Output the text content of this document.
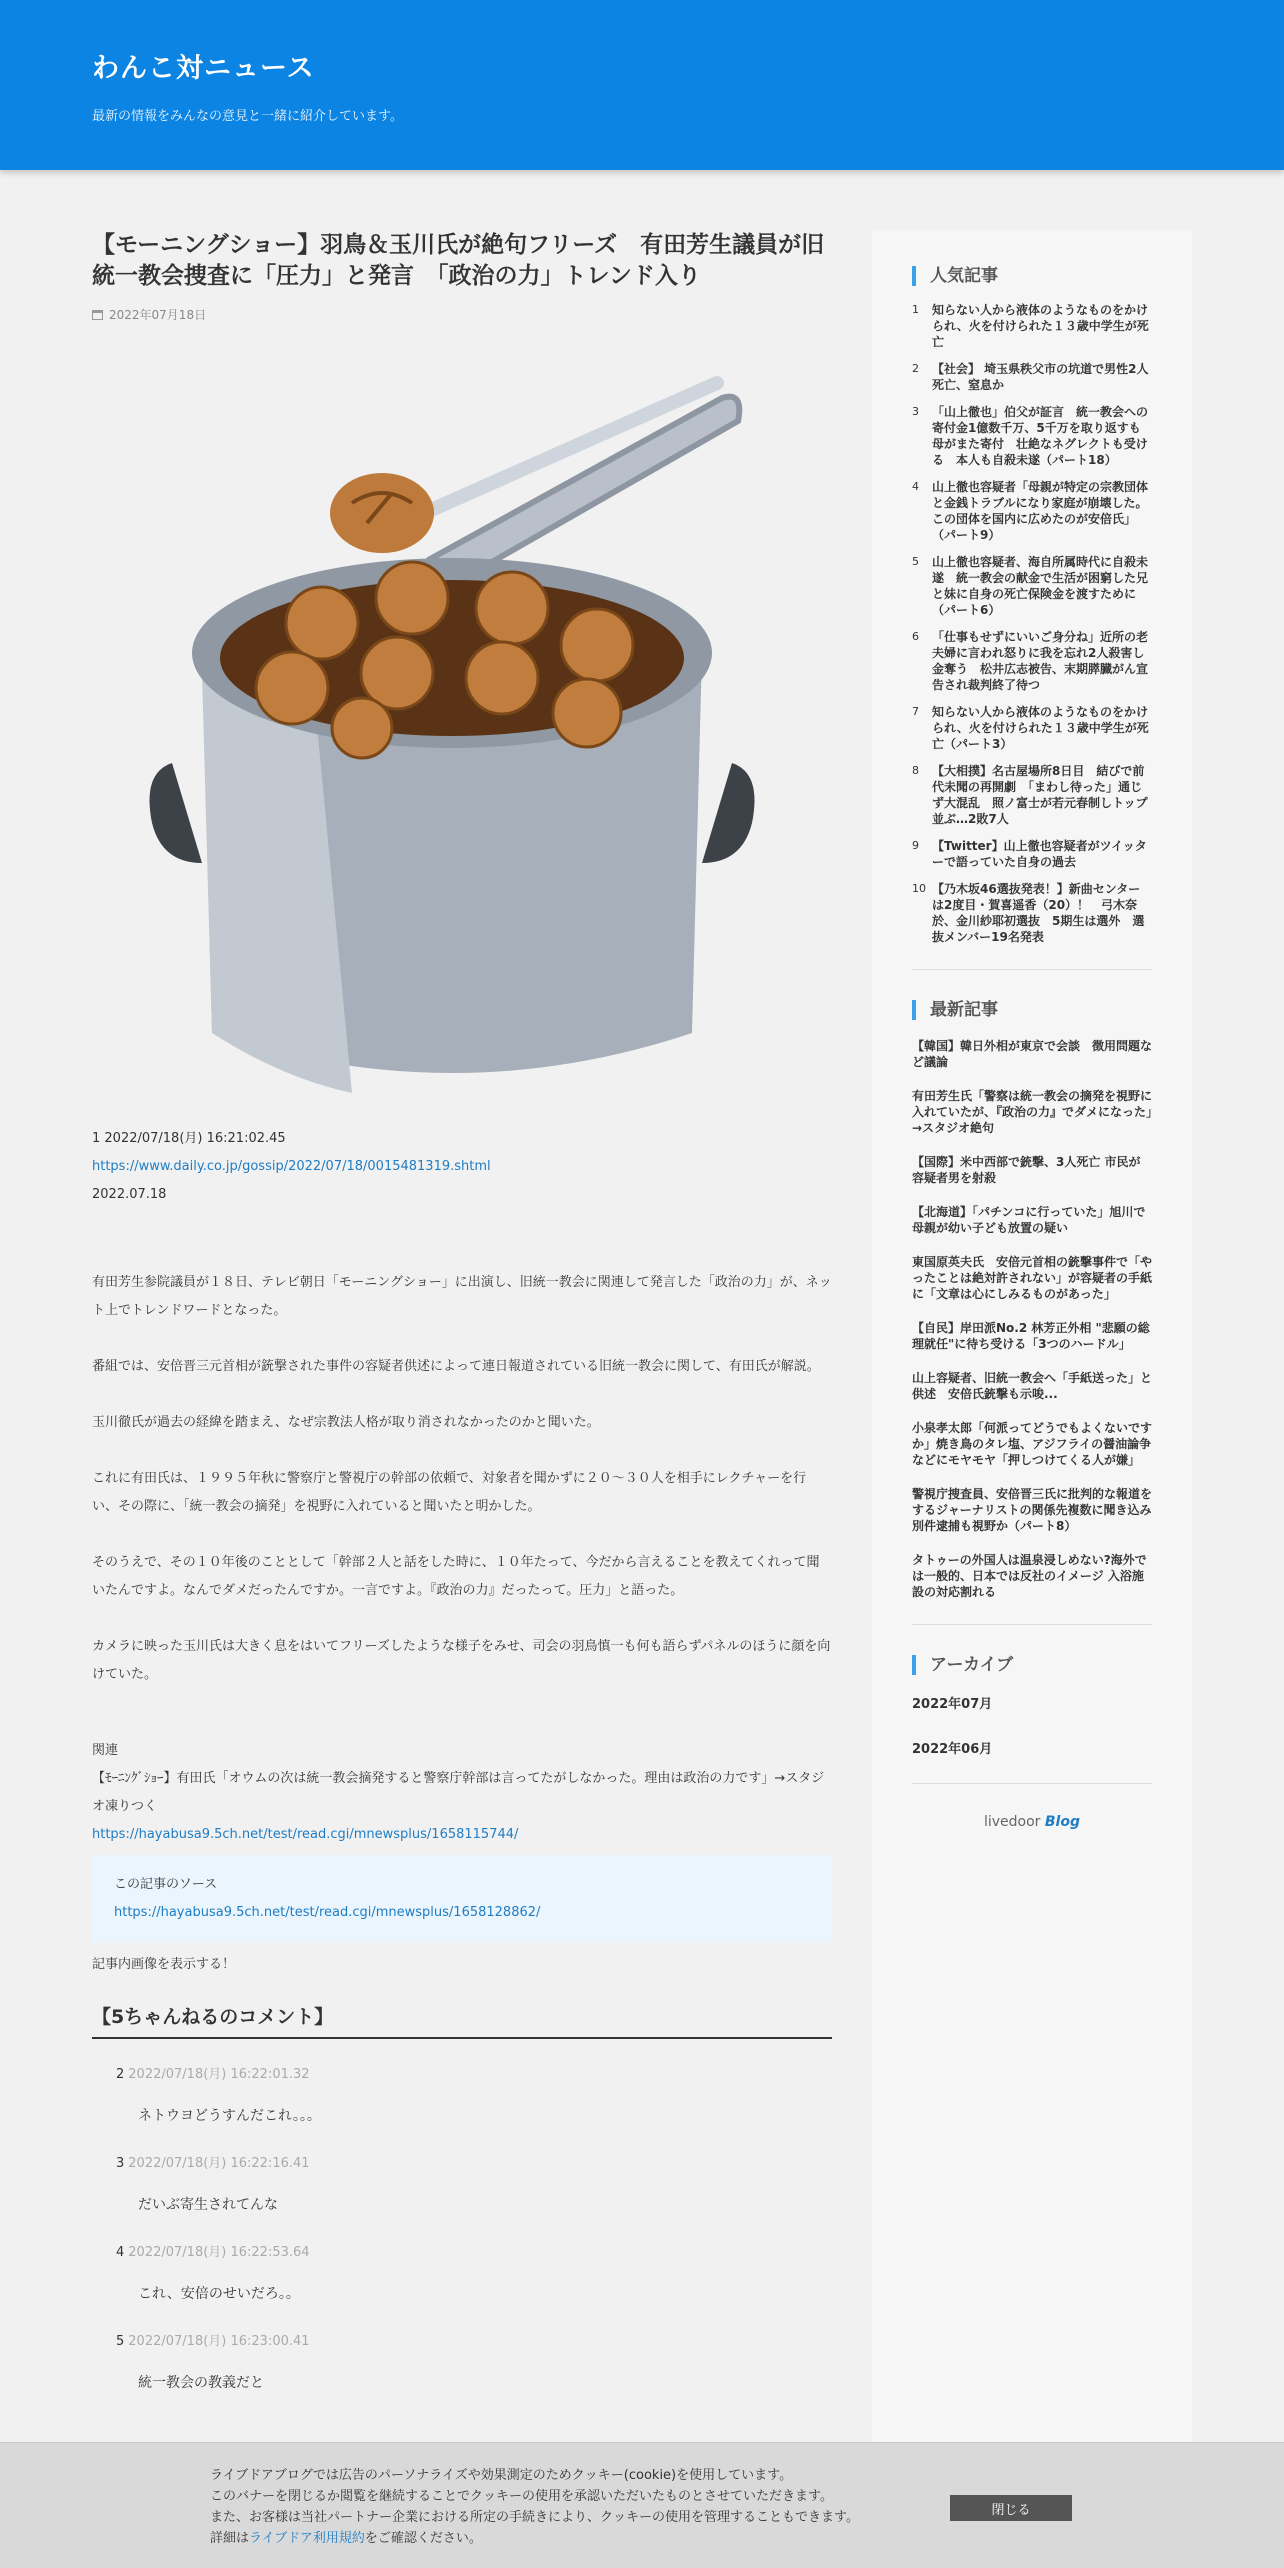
わんこ対ニュース
最新の情報をみんなの意見と一緒に紹介しています。
【モーニングショー】羽鳥＆玉川氏が絶句フリーズ　有田芳生議員が旧統一教会捜査に「圧力」と発言　「政治の力」トレンド入り
2022年07月18日
1 2022/07/18(月) 16:21:02.45
https://www.daily.co.jp/gossip/2022/07/18/0015481319.shtml
2022.07.18

有田芳生参院議員が１８日、テレビ朝日「モーニングショー」に出演し、旧統一教会に関連して発言した「政治の力」が、ネット上でトレンドワードとなった。

番組では、安倍晋三元首相が銃撃された事件の容疑者供述によって連日報道されている旧統一教会に関して、有田氏が解説。

玉川徹氏が過去の経緯を踏まえ、なぜ宗教法人格が取り消されなかったのかと聞いた。

これに有田氏は、１９９５年秋に警察庁と警視庁の幹部の依頼で、対象者を聞かずに２０〜３０人を相手にレクチャーを行い、その際に、「統一教会の摘発」を視野に入れていると聞いたと明かした。

そのうえで、その１０年後のこととして「幹部２人と話をした時に、１０年たって、今だから言えることを教えてくれって聞いたんですよ。なんでダメだったんですか。一言ですよ。『政治の力』だったって。圧力」と語った。

カメラに映った玉川氏は大きく息をはいてフリーズしたような様子をみせ、司会の羽鳥慎一も何も語らずパネルのほうに顔を向けていた。

関連
【ﾓｰﾆﾝｸﾞｼｮｰ】有田氏「オウムの次は統一教会摘発すると警察庁幹部は言ってたがしなかった。理由は政治の力です」→スタジオ凍りつく
https://hayabusa9.5ch.net/test/read.cgi/mnewsplus/1658115744/
この記事のソース
https://hayabusa9.5ch.net/test/read.cgi/mnewsplus/1658128862/
記事内画像を表示する！
【5ちゃんねるのコメント】
2 2022/07/18(月) 16:22:01.32
ネトウヨどうすんだこれ。。。
3 2022/07/18(月) 16:22:16.41
だいぶ寄生されてんな
4 2022/07/18(月) 16:22:53.64
これ、安倍のせいだろ。。
5 2022/07/18(月) 16:23:00.41
統一教会の教義だと
人気記事
1 知らない人から液体のようなものをかけられ、火を付けられた１３歳中学生が死亡
2 【社会】 埼玉県秩父市の坑道で男性2人死亡、窒息か
3 「山上徹也」伯父が証言　統一教会への寄付金1億数千万、5千万を取り返すも母がまた寄付　壮絶なネグレクトも受ける　本人も自殺未遂（パート18）
4 山上徹也容疑者「母親が特定の宗教団体と金銭トラブルになり家庭が崩壊した。この団体を国内に広めたのが安倍氏」（パート9）
5 山上徹也容疑者、海自所属時代に自殺未遂　統一教会の献金で生活が困窮した兄と妹に自身の死亡保険金を渡すために（パート6）
6 「仕事もせずにいいご身分ね」近所の老夫婦に言われ怒りに我を忘れ2人殺害し金奪う　松井広志被告、末期膵臓がん宣告され裁判終了待つ
7 知らない人から液体のようなものをかけられ、火を付けられた１３歳中学生が死亡（パート3）
8 【大相撲】名古屋場所8日目　結びで前代未聞の再開劇　「まわし待った」通じず大混乱　照ノ富士が若元春制しトップ並ぶ…2敗7人
9 【Twitter】山上徹也容疑者がツイッターで語っていた自身の過去
10 【乃木坂46選抜発表！】新曲センターは2度目・賀喜遥香（20）！　弓木奈於、金川紗耶初選抜　5期生は選外　選抜メンバー19名発表
最新記事
【韓国】韓日外相が東京で会談　徴用問題など議論
有田芳生氏「警察は統一教会の摘発を視野に入れていたが、『政治の力』でダメになった」→スタジオ絶句
【国際】米中西部で銃撃、3人死亡 市民が容疑者男を射殺
【北海道】「パチンコに行っていた」旭川で母親が幼い子ども放置の疑い
東国原英夫氏　安倍元首相の銃撃事件で「やったことは絶対許されない」が容疑者の手紙に「文章は心にしみるものがあった」
【自民】岸田派No.2 林芳正外相 "悲願の総理就任"に待ち受ける「3つのハードル」
山上容疑者、旧統一教会へ「手紙送った」と供述　安倍氏銃撃も示唆...
小泉孝太郎「何派ってどうでもよくないですか」焼き鳥のタレ塩、アジフライの醤油論争などにモヤモヤ「押しつけてくる人が嫌」
警視庁捜査員、安倍晋三氏に批判的な報道をするジャーナリストの関係先複数に聞き込み　別件逮捕も視野か（パート8）
タトゥーの外国人は温泉浸しめない?海外では一般的、日本では反社のイメージ 入浴施設の対応割れる
アーカイブ
2022年07月
2022年06月
livedoor Blog
ライブドアブログでは広告のパーソナライズや効果測定のためクッキー(cookie)を使用しています。
このバナーを閉じるか閲覧を継続することでクッキーの使用を承認いただいたものとさせていただきます。
また、お客様は当社パートナー企業における所定の手続きにより、クッキーの使用を管理することもできます。
詳細はライブドア利用規約をご確認ください。
閉じる
